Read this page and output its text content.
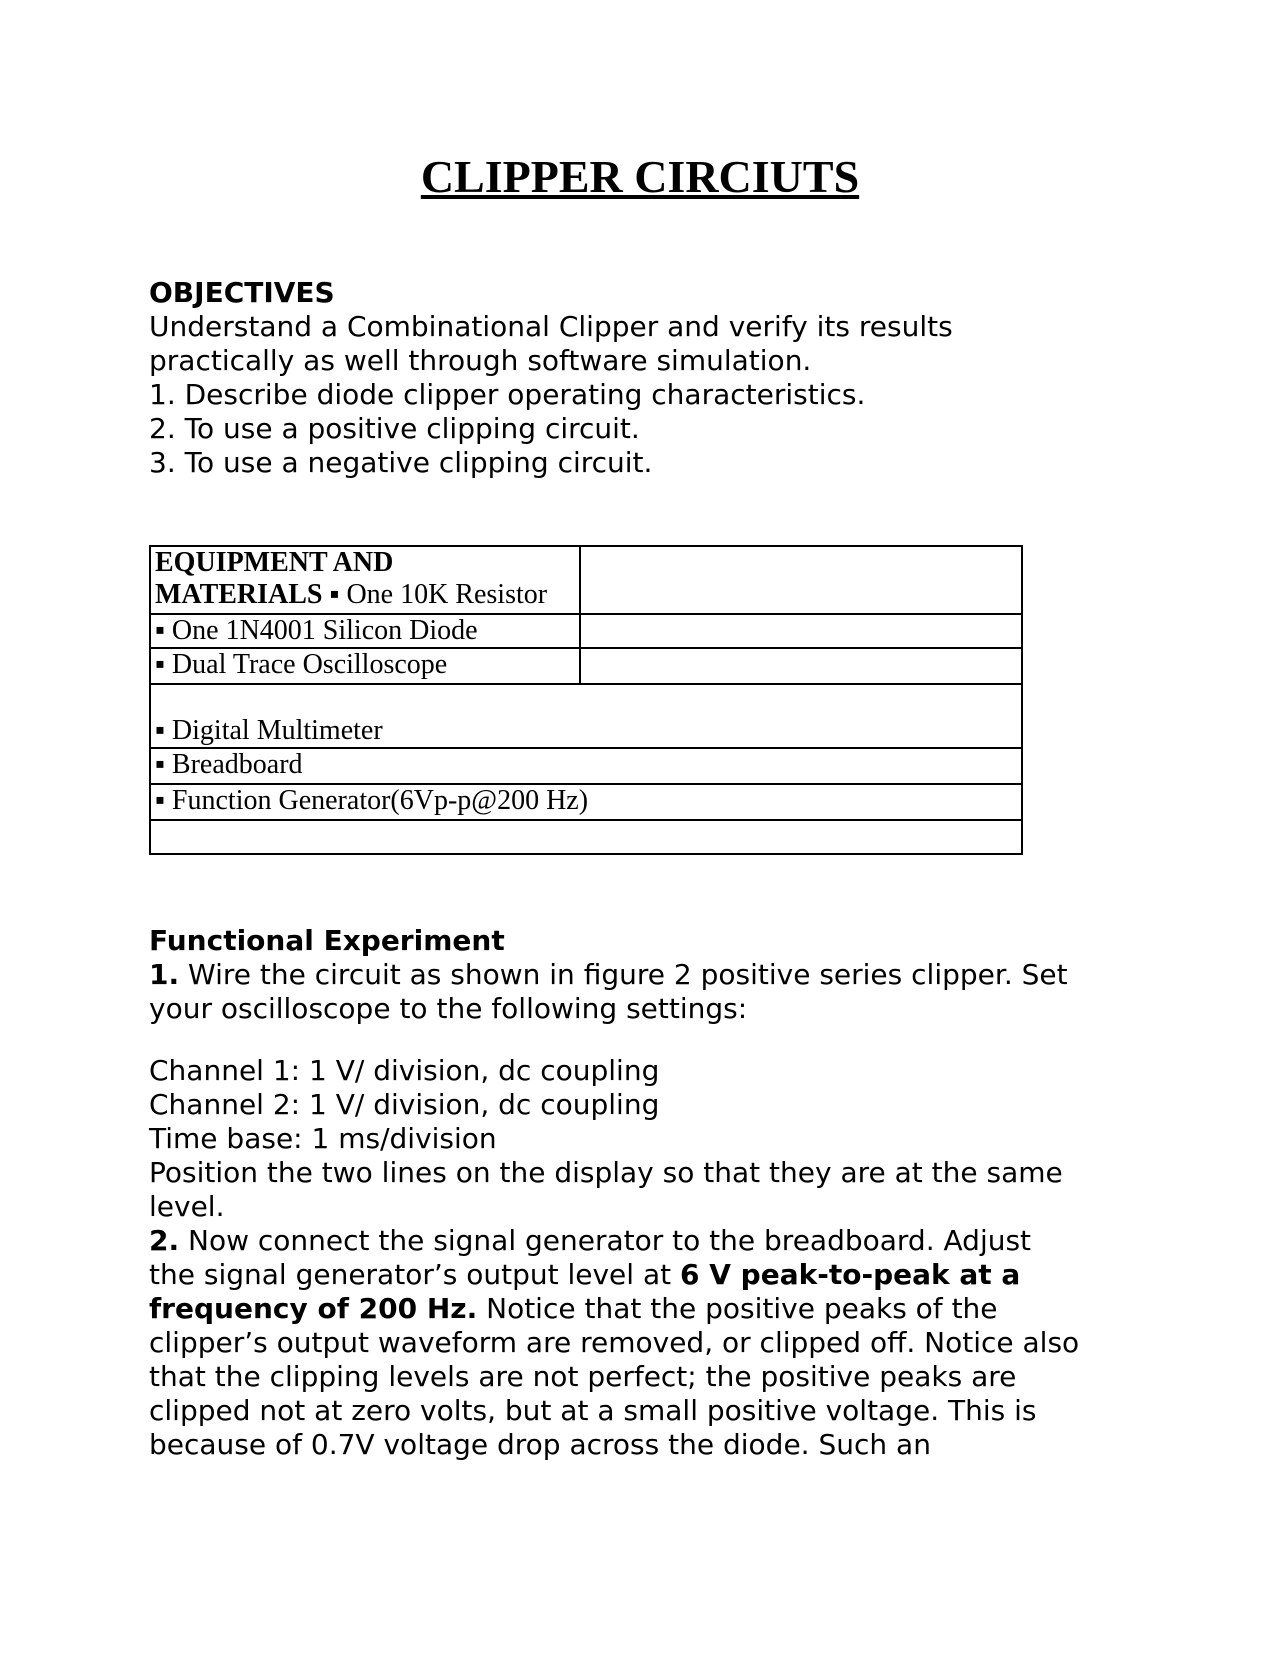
CLIPPER CIRCIUTS
OBJECTIVES
Understand a Combinational Clipper and verify its results
practically as well through software simulation.
1. Describe diode clipper operating characteristics.
2. To use a positive clipping circuit.
3. To use a negative clipping circuit.
EQUIPMENT AND
MATERIALS ▪ One 10K Resistor	
▪ One 1N4001 Silicon Diode	
▪ Dual Trace Oscilloscope	
▪ Digital Multimeter	
▪ Breadboard	
▪ Function Generator(6Vp-p@200 Hz)	

Functional Experiment
1. Wire the circuit as shown in figure 2 positive series clipper. Set
your oscilloscope to the following settings:
Channel 1: 1 V/ division, dc coupling
Channel 2: 1 V/ division, dc coupling
Time base: 1 ms/division
Position the two lines on the display so that they are at the same
level.
2. Now connect the signal generator to the breadboard. Adjust
the signal generator’s output level at 6 V peak-to-peak at a
frequency of 200 Hz. Notice that the positive peaks of the
clipper’s output waveform are removed, or clipped off. Notice also
that the clipping levels are not perfect; the positive peaks are
clipped not at zero volts, but at a small positive voltage. This is
because of 0.7V voltage drop across the diode. Such an
